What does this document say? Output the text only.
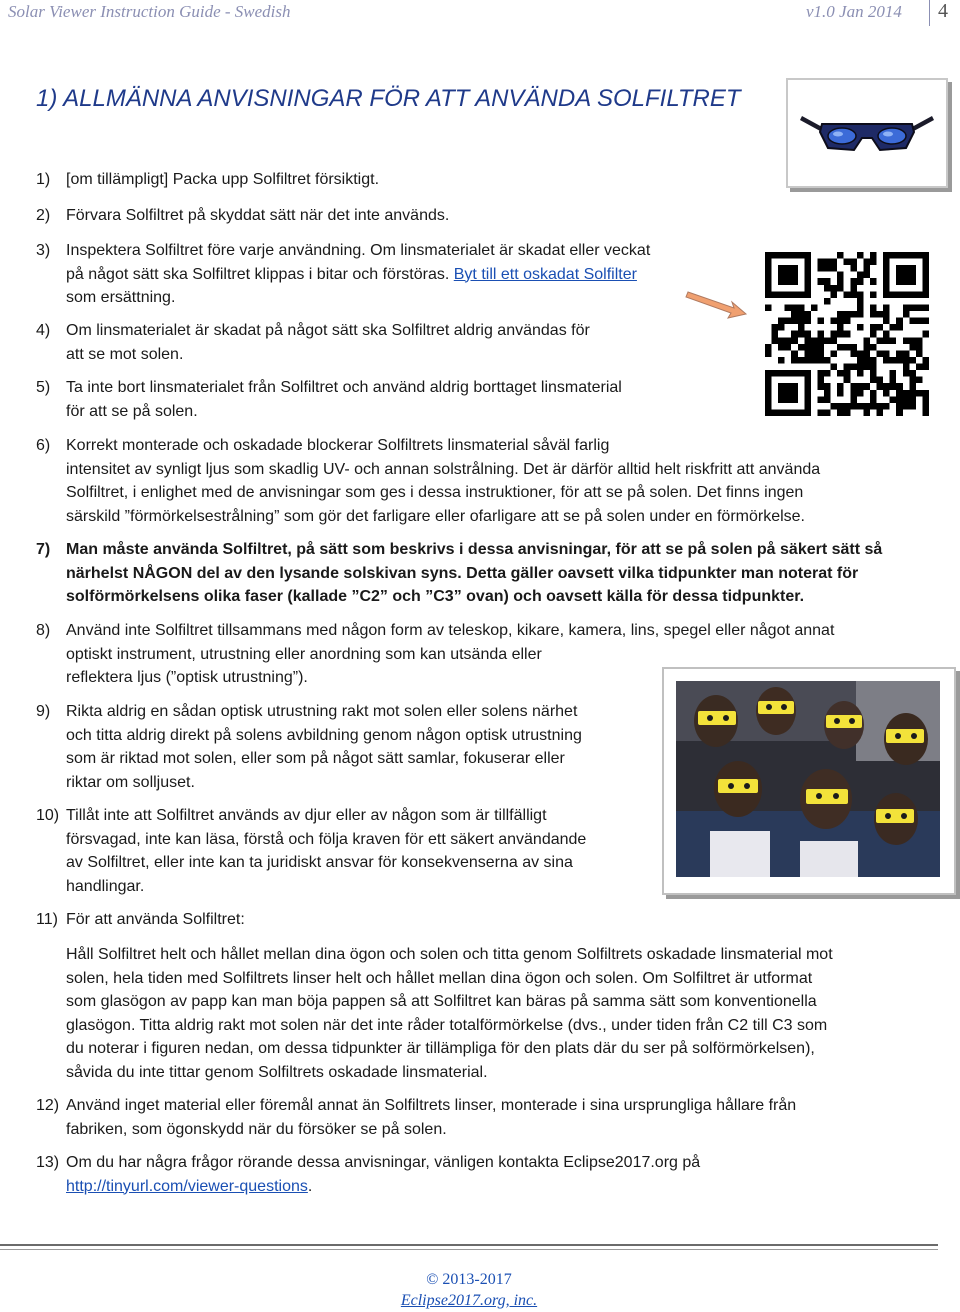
Solar Viewer Instruction Guide - Swedish	v1.0 Jan 2014 4
1) ALLMÄNNA ANVISNINGAR FÖR ATT ANVÄNDA SOLFILTRET
1) [om tillämpligt] Packa upp Solfiltret försiktigt.
2) Förvara Solfiltret på skyddat sätt när det inte används.
3) Inspektera Solfiltret före varje användning. Om linsmaterialet är skadat eller veckat
på något sätt ska Solfiltret klippas i bitar och förstöras. Byt till ett oskadat Solfilter
som ersättning.
4) Om linsmaterialet är skadat på något sätt ska Solfiltret aldrig användas för
att se mot solen.
5) Ta inte bort linsmaterialet från Solfiltret och använd aldrig borttaget linsmaterial
för att se på solen.
6) Korrekt monterade och oskadade blockerar Solfiltrets linsmaterial såväl farlig
intensitet av synligt ljus som skadlig UV- och annan solstrålning. Det är därför alltid helt riskfritt att använda
Solfiltret, i enlighet med de anvisningar som ges i dessa instruktioner, för att se på solen. Det finns ingen
särskild ”förmörkelsestrålning” som gör det farligare eller ofarligare att se på solen under en förmörkelse.
7) Man måste använda Solfiltret, på sätt som beskrivs i dessa anvisningar, för att se på solen på säkert sätt så
närhelst NÅGON del av den lysande solskivan syns. Detta gäller oavsett vilka tidpunkter man noterat för
solförmörkelsens olika faser (kallade ”C2” och ”C3” ovan) och oavsett källa för dessa tidpunkter.
8) Använd inte Solfiltret tillsammans med någon form av teleskop, kikare, kamera, lins, spegel eller något annat
optiskt instrument, utrustning eller anordning som kan utsända eller
reflektera ljus (”optisk utrustning”).
9) Rikta aldrig en sådan optisk utrustning rakt mot solen eller solens närhet
och titta aldrig direkt på solens avbildning genom någon optisk utrustning
som är riktad mot solen, eller som på något sätt samlar, fokuserar eller
riktar om solljuset.
10) Tillåt inte att Solfiltret används av djur eller av någon som är tillfälligt
försvagad, inte kan läsa, förstå och följa kraven för ett säkert användande
av Solfiltret, eller inte kan ta juridiskt ansvar för konsekvenserna av sina
handlingar.
11) För att använda Solfiltret:
Håll Solfiltret helt och hållet mellan dina ögon och solen och titta genom Solfiltrets oskadade linsmaterial mot
solen, hela tiden med Solfiltrets linser helt och hållet mellan dina ögon och solen. Om Solfiltret är utformat
som glasögon av papp kan man böja pappen så att Solfiltret kan bäras på samma sätt som konventionella
glasögon. Titta aldrig rakt mot solen när det inte råder totalförmörkelse (dvs., under tiden från C2 till C3 som
du noterar i figuren nedan, om dessa tidpunkter är tillämpliga för den plats där du ser på solförmörkelsen),
såvida du inte tittar genom Solfiltrets oskadade linsmaterial.
12) Använd inget material eller föremål annat än Solfiltrets linser, monterade i sina ursprungliga hållare från
fabriken, som ögonskydd när du försöker se på solen.
13) Om du har några frågor rörande dessa anvisningar, vänligen kontakta Eclipse2017.org på
http://tinyurl.com/viewer-questions.
© 2013-2017
Eclipse2017.org, inc.
